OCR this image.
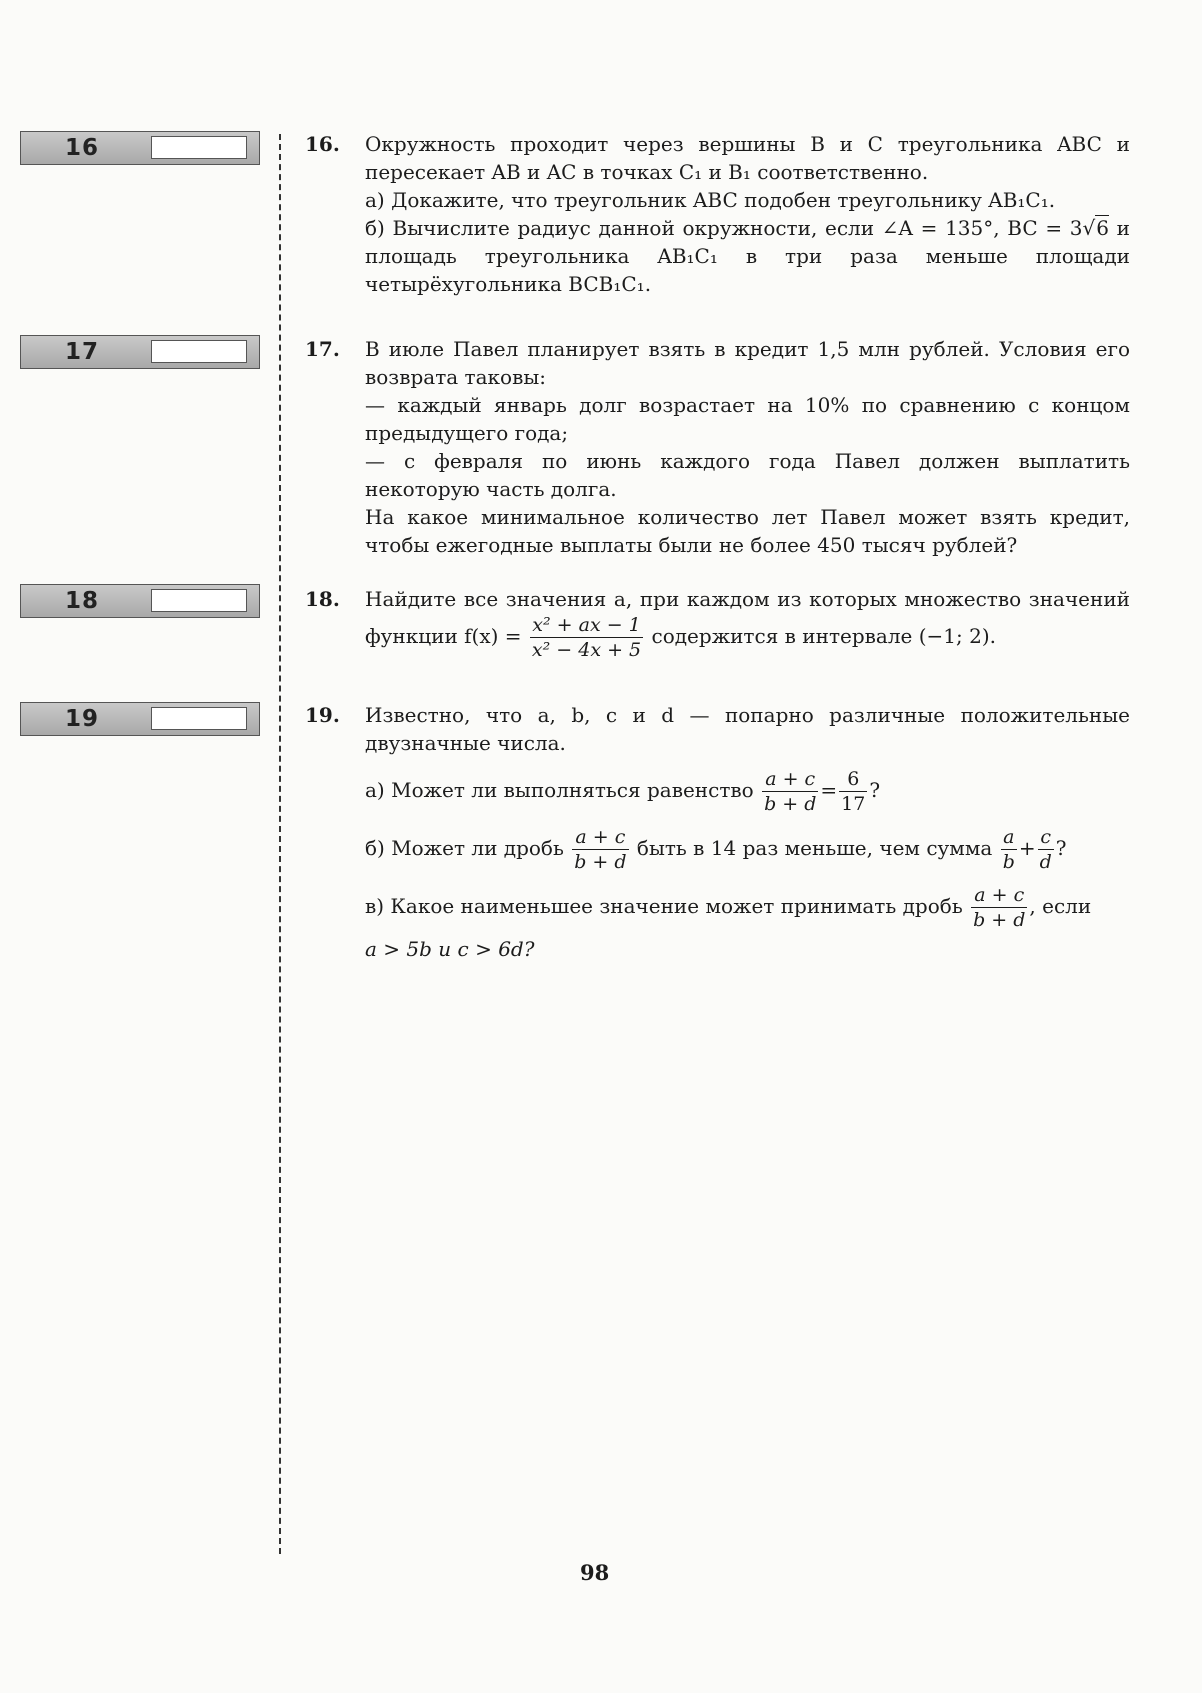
16
17
18
19
16. Окружность проходит через вершины B и C треугольника ABC и пересекает AB и AC в точках C₁ и B₁ соответственно.

а) Докажите, что треугольник ABC подобен треугольнику AB₁C₁.

б) Вычислите радиус данной окружности, если ∠A = 135°, BC = 3√6 и площадь треугольника AB₁C₁ в три раза меньше площади четырёхугольника BCB₁C₁.

17. В июле Павел планирует взять в кредит 1,5 млн рублей. Условия его возврата таковы:

— каждый январь долг возрастает на 10% по сравнению с концом предыдущего года;

— с февраля по июнь каждого года Павел должен выплатить некоторую часть долга.

На какое минимальное количество лет Павел может взять кредит, чтобы ежегодные выплаты были не более 450 тысяч рублей?

18. Найдите все значения a, при каждом из которых множество значений функции $f(x) = \frac{\text{x² + ax − 1}}{\text{x² − 4x + 5}}$ содержится в интервале (−1; 2).

19. Известно, что a, b, c и d — попарно различные положительные двузначные числа.

а) Может ли выполняться равенство $\frac{a + c}{b + d} = \frac{6}{17}$ ?

б) Может ли дробь $\frac{a + c}{b + d}$ быть в 14 раз меньше, чем сумма $\frac{a}{b} + \frac{c}{d}$ ?

в) Какое наименьшее значение может принимать дробь $\frac{a + c}{b + d}$ , если

a > 5b и c > 6d?

98
